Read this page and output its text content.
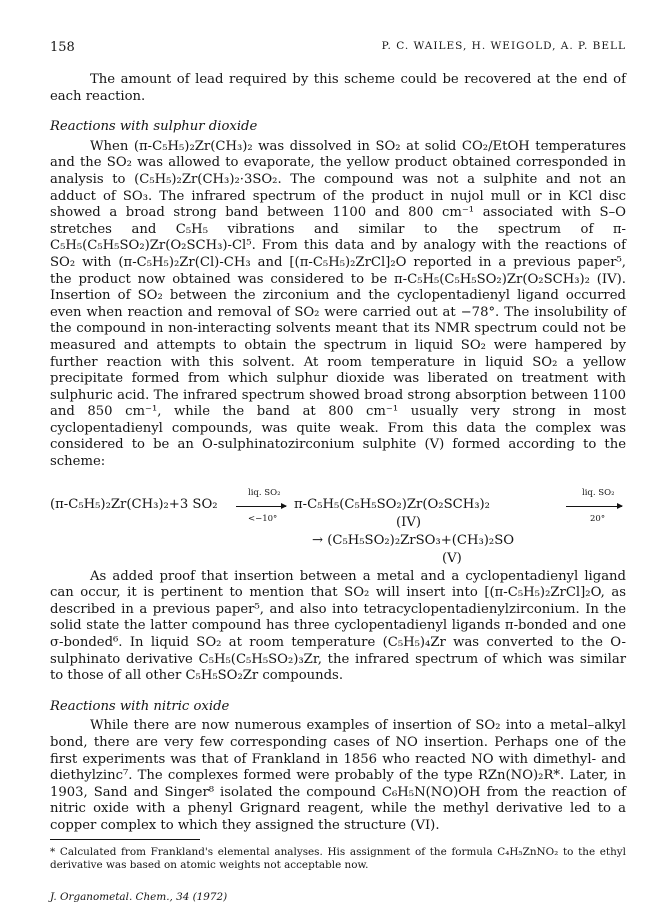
158	P. C. WAILES, H. WEIGOLD, A. P. BELL

The amount of lead required by this scheme could be recovered at the end of each reaction.

Reactions with sulphur dioxide

When (π-C₅H₅)₂Zr(CH₃)₂ was dissolved in SO₂ at solid CO₂/EtOH temperatures and the SO₂ was allowed to evaporate, the yellow product obtained corresponded in analysis to (C₅H₅)₂Zr(CH₃)₂·3SO₂. The compound was not a sulphite and not an adduct of SO₃. The infrared spectrum of the product in nujol mull or in KCl disc showed a broad strong band between 1100 and 800 cm⁻¹ associated with S–O stretches and C₅H₅ vibrations and similar to the spectrum of π-C₅H₅(C₅H₅SO₂)Zr(O₂SCH₃)-Cl⁵. From this data and by analogy with the reactions of SO₂ with (π-C₅H₅)₂Zr(Cl)-CH₃ and [(π-C₅H₅)₂ZrCl]₂O reported in a previous paper⁵, the product now obtained was considered to be π-C₅H₅(C₅H₅SO₂)Zr(O₂SCH₃)₂ (IV). Insertion of SO₂ between the zirconium and the cyclopentadienyl ligand occurred even when reaction and removal of SO₂ were carried out at −78°. The insolubility of the compound in non-interacting solvents meant that its NMR spectrum could not be measured and attempts to obtain the spectrum in liquid SO₂ were hampered by further reaction with this solvent. At room temperature in liquid SO₂ a yellow precipitate formed from which sulphur dioxide was liberated on treatment with sulphuric acid. The infrared spectrum showed broad strong absorption between 1100 and 850 cm⁻¹, while the band at 800 cm⁻¹ usually very strong in most cyclopentadienyl compounds, was quite weak. From this data the complex was considered to be an O-sulphinatozirconium sulphite (V) formed according to the scheme:

(π-C₅H₅)₂Zr(CH₃)₂+3 SO₂
liq. SO₂
<−10°
π-C₅H₅(C₅H₅SO₂)Zr(O₂SCH₃)₂
(IV)
liq. SO₂
20°
→ (C₅H₅SO₂)₂ZrSO₃+(CH₃)₂SO
(V)

As added proof that insertion between a metal and a cyclopentadienyl ligand can occur, it is pertinent to mention that SO₂ will insert into [(π-C₅H₅)₂ZrCl]₂O, as described in a previous paper⁵, and also into tetracyclopentadienylzirconium. In the solid state the latter compound has three cyclopentadienyl ligands π-bonded and one σ-bonded⁶. In liquid SO₂ at room temperature (C₅H₅)₄Zr was converted to the O-sulphinato derivative C₅H₅(C₅H₅SO₂)₃Zr, the infrared spectrum of which was similar to those of all other C₅H₅SO₂Zr compounds.

Reactions with nitric oxide

While there are now numerous examples of insertion of SO₂ into a metal–alkyl bond, there are very few corresponding cases of NO insertion. Perhaps one of the first experiments was that of Frankland in 1856 who reacted NO with dimethyl- and diethylzinc⁷. The complexes formed were probably of the type RZn(NO)₂R*. Later, in 1903, Sand and Singer⁸ isolated the compound C₆H₅N(NO)OH from the reaction of nitric oxide with a phenyl Grignard reagent, while the methyl derivative led to a copper complex to which they assigned the structure (VI).

* Calculated from Frankland's elemental analyses. His assignment of the formula C₄H₅ZnNO₂ to the ethyl derivative was based on atomic weights not acceptable now.

J. Organometal. Chem., 34 (1972)
